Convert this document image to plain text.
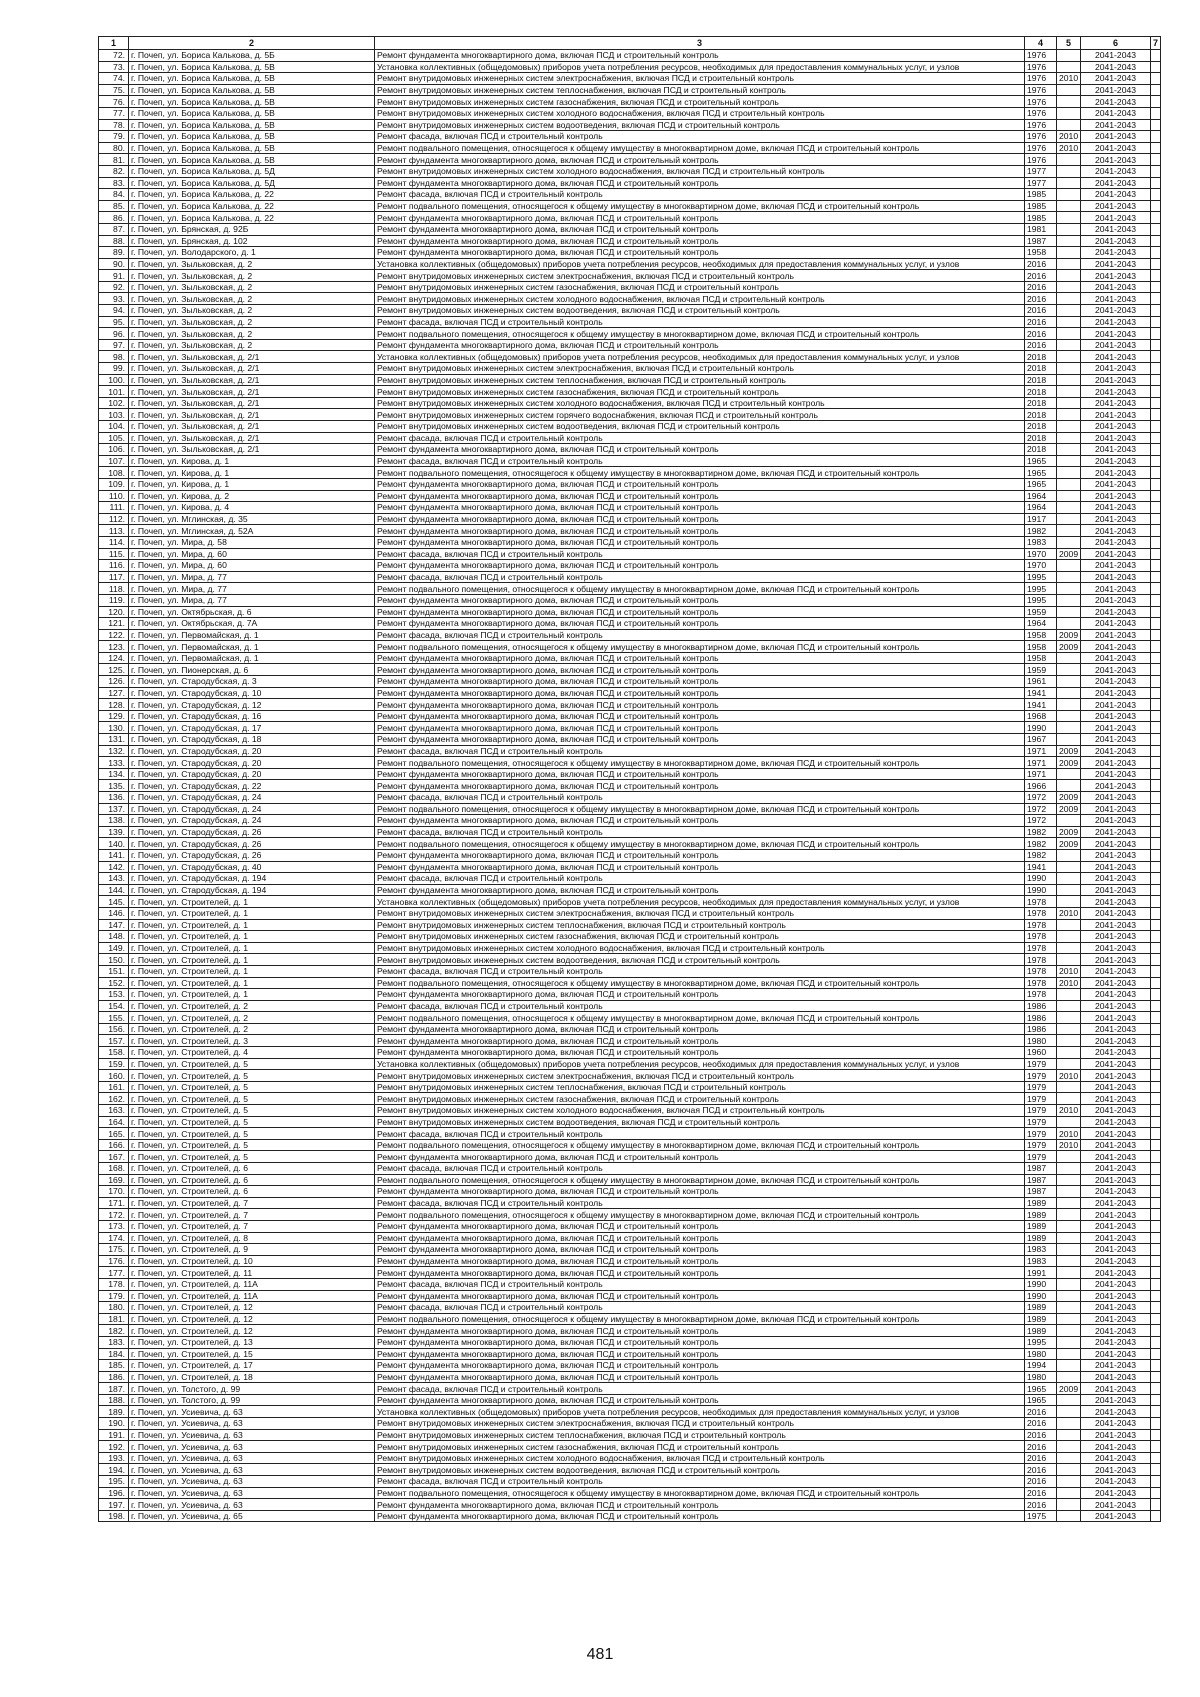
1	2	3	4	5	6	7
72.	г. Почеп, ул. Бориса Калькова, д. 5Б	Ремонт фундамента многоквартирного дома, включая ПСД и строительный контроль	1976		2041-2043	
73.	г. Почеп, ул. Бориса Калькова, д. 5В	Установка коллективных (общедомовых) приборов учета потребления ресурсов, необходимых для предоставления коммунальных услуг, и узлов	1976		2041-2043	
74.	г. Почеп, ул. Бориса Калькова, д. 5В	Ремонт внутридомовых инженерных систем электроснабжения, включая ПСД и строительный контроль	1976	2010	2041-2043	
75.	г. Почеп, ул. Бориса Калькова, д. 5В	Ремонт внутридомовых инженерных систем теплоснабжения, включая ПСД и строительный контроль	1976		2041-2043	
76.	г. Почеп, ул. Бориса Калькова, д. 5В	Ремонт внутридомовых инженерных систем газоснабжения, включая ПСД и строительный контроль	1976		2041-2043	
77.	г. Почеп, ул. Бориса Калькова, д. 5В	Ремонт внутридомовых инженерных систем холодного водоснабжения, включая ПСД и строительный контроль	1976		2041-2043	
78.	г. Почеп, ул. Бориса Калькова, д. 5В	Ремонт внутридомовых инженерных систем водоотведения, включая ПСД и строительный контроль	1976		2041-2043	
79.	г. Почеп, ул. Бориса Калькова, д. 5В	Ремонт фасада, включая ПСД и строительный контроль	1976	2010	2041-2043	
80.	г. Почеп, ул. Бориса Калькова, д. 5В	Ремонт подвального помещения, относящегося к общему имуществу в многоквартирном доме, включая ПСД и строительный контроль	1976	2010	2041-2043	
81.	г. Почеп, ул. Бориса Калькова, д. 5В	Ремонт фундамента многоквартирного дома, включая ПСД и строительный контроль	1976		2041-2043	
82.	г. Почеп, ул. Бориса Калькова, д. 5Д	Ремонт внутридомовых инженерных систем холодного водоснабжения, включая ПСД и строительный контроль	1977		2041-2043	
83.	г. Почеп, ул. Бориса Калькова, д. 5Д	Ремонт фундамента многоквартирного дома, включая ПСД и строительный контроль	1977		2041-2043	
84.	г. Почеп, ул. Бориса Калькова, д. 22	Ремонт фасада, включая ПСД и строительный контроль	1985		2041-2043	
85.	г. Почеп, ул. Бориса Калькова, д. 22	Ремонт подвального помещения, относящегося к общему имуществу в многоквартирном доме, включая ПСД и строительный контроль	1985		2041-2043	
86.	г. Почеп, ул. Бориса Калькова, д. 22	Ремонт фундамента многоквартирного дома, включая ПСД и строительный контроль	1985		2041-2043	
87.	г. Почеп, ул. Брянская, д. 92Б	Ремонт фундамента многоквартирного дома, включая ПСД и строительный контроль	1981		2041-2043	
88.	г. Почеп, ул. Брянская, д. 102	Ремонт фундамента многоквартирного дома, включая ПСД и строительный контроль	1987		2041-2043	
89.	г. Почеп, ул. Володарского, д. 1	Ремонт фундамента многоквартирного дома, включая ПСД и строительный контроль	1958		2041-2043	
90.	г. Почеп, ул. Зыльковская, д. 2	Установка коллективных (общедомовых) приборов учета потребления ресурсов, необходимых для предоставления коммунальных услуг, и узлов	2016		2041-2043	
91.	г. Почеп, ул. Зыльковская, д. 2	Ремонт внутридомовых инженерных систем электроснабжения, включая ПСД и строительный контроль	2016		2041-2043	
92.	г. Почеп, ул. Зыльковская, д. 2	Ремонт внутридомовых инженерных систем газоснабжения, включая ПСД и строительный контроль	2016		2041-2043	
93.	г. Почеп, ул. Зыльковская, д. 2	Ремонт внутридомовых инженерных систем холодного водоснабжения, включая ПСД и строительный контроль	2016		2041-2043	
94.	г. Почеп, ул. Зыльковская, д. 2	Ремонт внутридомовых инженерных систем водоотведения, включая ПСД и строительный контроль	2016		2041-2043	
95.	г. Почеп, ул. Зыльковская, д. 2	Ремонт фасада, включая ПСД и строительный контроль	2016		2041-2043	
96.	г. Почеп, ул. Зыльковская, д. 2	Ремонт подвального помещения, относящегося к общему имуществу в многоквартирном доме, включая ПСД и строительный контроль	2016		2041-2043	
97.	г. Почеп, ул. Зыльковская, д. 2	Ремонт фундамента многоквартирного дома, включая ПСД и строительный контроль	2016		2041-2043	
98.	г. Почеп, ул. Зыльковская, д. 2/1	Установка коллективных (общедомовых) приборов учета потребления ресурсов, необходимых для предоставления коммунальных услуг, и узлов	2018		2041-2043	
99.	г. Почеп, ул. Зыльковская, д. 2/1	Ремонт внутридомовых инженерных систем электроснабжения, включая ПСД и строительный контроль	2018		2041-2043	
100.	г. Почеп, ул. Зыльковская, д. 2/1	Ремонт внутридомовых инженерных систем теплоснабжения, включая ПСД и строительный контроль	2018		2041-2043	
101.	г. Почеп, ул. Зыльковская, д. 2/1	Ремонт внутридомовых инженерных систем газоснабжения, включая ПСД и строительный контроль	2018		2041-2043	
102.	г. Почеп, ул. Зыльковская, д. 2/1	Ремонт внутридомовых инженерных систем холодного водоснабжения, включая ПСД и строительный контроль	2018		2041-2043	
103.	г. Почеп, ул. Зыльковская, д. 2/1	Ремонт внутридомовых инженерных систем горячего водоснабжения, включая ПСД и строительный контроль	2018		2041-2043	
104.	г. Почеп, ул. Зыльковская, д. 2/1	Ремонт внутридомовых инженерных систем водоотведения, включая ПСД и строительный контроль	2018		2041-2043	
105.	г. Почеп, ул. Зыльковская, д. 2/1	Ремонт фасада, включая ПСД и строительный контроль	2018		2041-2043	
106.	г. Почеп, ул. Зыльковская, д. 2/1	Ремонт фундамента многоквартирного дома, включая ПСД и строительный контроль	2018		2041-2043	
107.	г. Почеп, ул. Кирова, д. 1	Ремонт фасада, включая ПСД и строительный контроль	1965		2041-2043	
108.	г. Почеп, ул. Кирова, д. 1	Ремонт подвального помещения, относящегося к общему имуществу в многоквартирном доме, включая ПСД и строительный контроль	1965		2041-2043	
109.	г. Почеп, ул. Кирова, д. 1	Ремонт фундамента многоквартирного дома, включая ПСД и строительный контроль	1965		2041-2043	
110.	г. Почеп, ул. Кирова, д. 2	Ремонт фундамента многоквартирного дома, включая ПСД и строительный контроль	1964		2041-2043	
111.	г. Почеп, ул. Кирова, д. 4	Ремонт фундамента многоквартирного дома, включая ПСД и строительный контроль	1964		2041-2043	
112.	г. Почеп, ул. Мглинская, д. 35	Ремонт фундамента многоквартирного дома, включая ПСД и строительный контроль	1917		2041-2043	
113.	г. Почеп, ул. Мглинская, д. 52А	Ремонт фундамента многоквартирного дома, включая ПСД и строительный контроль	1982		2041-2043	
114.	г. Почеп, ул. Мира, д. 58	Ремонт фундамента многоквартирного дома, включая ПСД и строительный контроль	1983		2041-2043	
115.	г. Почеп, ул. Мира, д. 60	Ремонт фасада, включая ПСД и строительный контроль	1970	2009	2041-2043	
116.	г. Почеп, ул. Мира, д. 60	Ремонт фундамента многоквартирного дома, включая ПСД и строительный контроль	1970		2041-2043	
117.	г. Почеп, ул. Мира, д. 77	Ремонт фасада, включая ПСД и строительный контроль	1995		2041-2043	
118.	г. Почеп, ул. Мира, д. 77	Ремонт подвального помещения, относящегося к общему имуществу в многоквартирном доме, включая ПСД и строительный контроль	1995		2041-2043	
119.	г. Почеп, ул. Мира, д. 77	Ремонт фундамента многоквартирного дома, включая ПСД и строительный контроль	1995		2041-2043	
120.	г. Почеп, ул. Октябрьская, д. 6	Ремонт фундамента многоквартирного дома, включая ПСД и строительный контроль	1959		2041-2043	
121.	г. Почеп, ул. Октябрьская, д. 7А	Ремонт фундамента многоквартирного дома, включая ПСД и строительный контроль	1964		2041-2043	
122.	г. Почеп, ул. Первомайская, д. 1	Ремонт фасада, включая ПСД и строительный контроль	1958	2009	2041-2043	
123.	г. Почеп, ул. Первомайская, д. 1	Ремонт подвального помещения, относящегося к общему имуществу в многоквартирном доме, включая ПСД и строительный контроль	1958	2009	2041-2043	
124.	г. Почеп, ул. Первомайская, д. 1	Ремонт фундамента многоквартирного дома, включая ПСД и строительный контроль	1958		2041-2043	
125.	г. Почеп, ул. Пионерская, д. 6	Ремонт фундамента многоквартирного дома, включая ПСД и строительный контроль	1959		2041-2043	
126.	г. Почеп, ул. Стародубская, д. 3	Ремонт фундамента многоквартирного дома, включая ПСД и строительный контроль	1961		2041-2043	
127.	г. Почеп, ул. Стародубская, д. 10	Ремонт фундамента многоквартирного дома, включая ПСД и строительный контроль	1941		2041-2043	
128.	г. Почеп, ул. Стародубская, д. 12	Ремонт фундамента многоквартирного дома, включая ПСД и строительный контроль	1941		2041-2043	
129.	г. Почеп, ул. Стародубская, д. 16	Ремонт фундамента многоквартирного дома, включая ПСД и строительный контроль	1968		2041-2043	
130.	г. Почеп, ул. Стародубская, д. 17	Ремонт фундамента многоквартирного дома, включая ПСД и строительный контроль	1990		2041-2043	
131.	г. Почеп, ул. Стародубская, д. 18	Ремонт фундамента многоквартирного дома, включая ПСД и строительный контроль	1967		2041-2043	
132.	г. Почеп, ул. Стародубская, д. 20	Ремонт фасада, включая ПСД и строительный контроль	1971	2009	2041-2043	
133.	г. Почеп, ул. Стародубская, д. 20	Ремонт подвального помещения, относящегося к общему имуществу в многоквартирном доме, включая ПСД и строительный контроль	1971	2009	2041-2043	
134.	г. Почеп, ул. Стародубская, д. 20	Ремонт фундамента многоквартирного дома, включая ПСД и строительный контроль	1971		2041-2043	
135.	г. Почеп, ул. Стародубская, д. 22	Ремонт фундамента многоквартирного дома, включая ПСД и строительный контроль	1966		2041-2043	
136.	г. Почеп, ул. Стародубская, д. 24	Ремонт фасада, включая ПСД и строительный контроль	1972	2009	2041-2043	
137.	г. Почеп, ул. Стародубская, д. 24	Ремонт подвального помещения, относящегося к общему имуществу в многоквартирном доме, включая ПСД и строительный контроль	1972	2009	2041-2043	
138.	г. Почеп, ул. Стародубская, д. 24	Ремонт фундамента многоквартирного дома, включая ПСД и строительный контроль	1972		2041-2043	
139.	г. Почеп, ул. Стародубская, д. 26	Ремонт фасада, включая ПСД и строительный контроль	1982	2009	2041-2043	
140.	г. Почеп, ул. Стародубская, д. 26	Ремонт подвального помещения, относящегося к общему имуществу в многоквартирном доме, включая ПСД и строительный контроль	1982	2009	2041-2043	
141.	г. Почеп, ул. Стародубская, д. 26	Ремонт фундамента многоквартирного дома, включая ПСД и строительный контроль	1982		2041-2043	
142.	г. Почеп, ул. Стародубская, д. 40	Ремонт фундамента многоквартирного дома, включая ПСД и строительный контроль	1941		2041-2043	
143.	г. Почеп, ул. Стародубская, д. 194	Ремонт фасада, включая ПСД и строительный контроль	1990		2041-2043	
144.	г. Почеп, ул. Стародубская, д. 194	Ремонт фундамента многоквартирного дома, включая ПСД и строительный контроль	1990		2041-2043	
145.	г. Почеп, ул. Строителей, д. 1	Установка коллективных (общедомовых) приборов учета потребления ресурсов, необходимых для предоставления коммунальных услуг, и узлов	1978		2041-2043	
146.	г. Почеп, ул. Строителей, д. 1	Ремонт внутридомовых инженерных систем электроснабжения, включая ПСД и строительный контроль	1978	2010	2041-2043	
147.	г. Почеп, ул. Строителей, д. 1	Ремонт внутридомовых инженерных систем теплоснабжения, включая ПСД и строительный контроль	1978		2041-2043	
148.	г. Почеп, ул. Строителей, д. 1	Ремонт внутридомовых инженерных систем газоснабжения, включая ПСД и строительный контроль	1978		2041-2043	
149.	г. Почеп, ул. Строителей, д. 1	Ремонт внутридомовых инженерных систем холодного водоснабжения, включая ПСД и строительный контроль	1978		2041-2043	
150.	г. Почеп, ул. Строителей, д. 1	Ремонт внутридомовых инженерных систем водоотведения, включая ПСД и строительный контроль	1978		2041-2043	
151.	г. Почеп, ул. Строителей, д. 1	Ремонт фасада, включая ПСД и строительный контроль	1978	2010	2041-2043	
152.	г. Почеп, ул. Строителей, д. 1	Ремонт подвального помещения, относящегося к общему имуществу в многоквартирном доме, включая ПСД и строительный контроль	1978	2010	2041-2043	
153.	г. Почеп, ул. Строителей, д. 1	Ремонт фундамента многоквартирного дома, включая ПСД и строительный контроль	1978		2041-2043	
154.	г. Почеп, ул. Строителей, д. 2	Ремонт фасада, включая ПСД и строительный контроль	1986		2041-2043	
155.	г. Почеп, ул. Строителей, д. 2	Ремонт подвального помещения, относящегося к общему имуществу в многоквартирном доме, включая ПСД и строительный контроль	1986		2041-2043	
156.	г. Почеп, ул. Строителей, д. 2	Ремонт фундамента многоквартирного дома, включая ПСД и строительный контроль	1986		2041-2043	
157.	г. Почеп, ул. Строителей, д. 3	Ремонт фундамента многоквартирного дома, включая ПСД и строительный контроль	1980		2041-2043	
158.	г. Почеп, ул. Строителей, д. 4	Ремонт фундамента многоквартирного дома, включая ПСД и строительный контроль	1960		2041-2043	
159.	г. Почеп, ул. Строителей, д. 5	Установка коллективных (общедомовых) приборов учета потребления ресурсов, необходимых для предоставления коммунальных услуг, и узлов	1979		2041-2043	
160.	г. Почеп, ул. Строителей, д. 5	Ремонт внутридомовых инженерных систем электроснабжения, включая ПСД и строительный контроль	1979	2010	2041-2043	
161.	г. Почеп, ул. Строителей, д. 5	Ремонт внутридомовых инженерных систем теплоснабжения, включая ПСД и строительный контроль	1979		2041-2043	
162.	г. Почеп, ул. Строителей, д. 5	Ремонт внутридомовых инженерных систем газоснабжения, включая ПСД и строительный контроль	1979		2041-2043	
163.	г. Почеп, ул. Строителей, д. 5	Ремонт внутридомовых инженерных систем холодного водоснабжения, включая ПСД и строительный контроль	1979	2010	2041-2043	
164.	г. Почеп, ул. Строителей, д. 5	Ремонт внутридомовых инженерных систем водоотведения, включая ПСД и строительный контроль	1979		2041-2043	
165.	г. Почеп, ул. Строителей, д. 5	Ремонт фасада, включая ПСД и строительный контроль	1979	2010	2041-2043	
166.	г. Почеп, ул. Строителей, д. 5	Ремонт подвального помещения, относящегося к общему имуществу в многоквартирном доме, включая ПСД и строительный контроль	1979	2010	2041-2043	
167.	г. Почеп, ул. Строителей, д. 5	Ремонт фундамента многоквартирного дома, включая ПСД и строительный контроль	1979		2041-2043	
168.	г. Почеп, ул. Строителей, д. 6	Ремонт фасада, включая ПСД и строительный контроль	1987		2041-2043	
169.	г. Почеп, ул. Строителей, д. 6	Ремонт подвального помещения, относящегося к общему имуществу в многоквартирном доме, включая ПСД и строительный контроль	1987		2041-2043	
170.	г. Почеп, ул. Строителей, д. 6	Ремонт фундамента многоквартирного дома, включая ПСД и строительный контроль	1987		2041-2043	
171.	г. Почеп, ул. Строителей, д. 7	Ремонт фасада, включая ПСД и строительный контроль	1989		2041-2043	
172.	г. Почеп, ул. Строителей, д. 7	Ремонт подвального помещения, относящегося к общему имуществу в многоквартирном доме, включая ПСД и строительный контроль	1989		2041-2043	
173.	г. Почеп, ул. Строителей, д. 7	Ремонт фундамента многоквартирного дома, включая ПСД и строительный контроль	1989		2041-2043	
174.	г. Почеп, ул. Строителей, д. 8	Ремонт фундамента многоквартирного дома, включая ПСД и строительный контроль	1989		2041-2043	
175.	г. Почеп, ул. Строителей, д. 9	Ремонт фундамента многоквартирного дома, включая ПСД и строительный контроль	1983		2041-2043	
176.	г. Почеп, ул. Строителей, д. 10	Ремонт фундамента многоквартирного дома, включая ПСД и строительный контроль	1983		2041-2043	
177.	г. Почеп, ул. Строителей, д. 11	Ремонт фундамента многоквартирного дома, включая ПСД и строительный контроль	1991		2041-2043	
178.	г. Почеп, ул. Строителей, д. 11А	Ремонт фасада, включая ПСД и строительный контроль	1990		2041-2043	
179.	г. Почеп, ул. Строителей, д. 11А	Ремонт фундамента многоквартирного дома, включая ПСД и строительный контроль	1990		2041-2043	
180.	г. Почеп, ул. Строителей, д. 12	Ремонт фасада, включая ПСД и строительный контроль	1989		2041-2043	
181.	г. Почеп, ул. Строителей, д. 12	Ремонт подвального помещения, относящегося к общему имуществу в многоквартирном доме, включая ПСД и строительный контроль	1989		2041-2043	
182.	г. Почеп, ул. Строителей, д. 12	Ремонт фундамента многоквартирного дома, включая ПСД и строительный контроль	1989		2041-2043	
183.	г. Почеп, ул. Строителей, д. 13	Ремонт фундамента многоквартирного дома, включая ПСД и строительный контроль	1995		2041-2043	
184.	г. Почеп, ул. Строителей, д. 15	Ремонт фундамента многоквартирного дома, включая ПСД и строительный контроль	1980		2041-2043	
185.	г. Почеп, ул. Строителей, д. 17	Ремонт фундамента многоквартирного дома, включая ПСД и строительный контроль	1994		2041-2043	
186.	г. Почеп, ул. Строителей, д. 18	Ремонт фундамента многоквартирного дома, включая ПСД и строительный контроль	1980		2041-2043	
187.	г. Почеп, ул. Толстого, д. 99	Ремонт фасада, включая ПСД и строительный контроль	1965	2009	2041-2043	
188.	г. Почеп, ул. Толстого, д. 99	Ремонт фундамента многоквартирного дома, включая ПСД и строительный контроль	1965		2041-2043	
189.	г. Почеп, ул. Усиевича, д. 63	Установка коллективных (общедомовых) приборов учета потребления ресурсов, необходимых для предоставления коммунальных услуг, и узлов	2016		2041-2043	
190.	г. Почеп, ул. Усиевича, д. 63	Ремонт внутридомовых инженерных систем электроснабжения, включая ПСД и строительный контроль	2016		2041-2043	
191.	г. Почеп, ул. Усиевича, д. 63	Ремонт внутридомовых инженерных систем теплоснабжения, включая ПСД и строительный контроль	2016		2041-2043	
192.	г. Почеп, ул. Усиевича, д. 63	Ремонт внутридомовых инженерных систем газоснабжения, включая ПСД и строительный контроль	2016		2041-2043	
193.	г. Почеп, ул. Усиевича, д. 63	Ремонт внутридомовых инженерных систем холодного водоснабжения, включая ПСД и строительный контроль	2016		2041-2043	
194.	г. Почеп, ул. Усиевича, д. 63	Ремонт внутридомовых инженерных систем водоотведения, включая ПСД и строительный контроль	2016		2041-2043	
195.	г. Почеп, ул. Усиевича, д. 63	Ремонт фасада, включая ПСД и строительный контроль	2016		2041-2043	
196.	г. Почеп, ул. Усиевича, д. 63	Ремонт подвального помещения, относящегося к общему имуществу в многоквартирном доме, включая ПСД и строительный контроль	2016		2041-2043	
197.	г. Почеп, ул. Усиевича, д. 63	Ремонт фундамента многоквартирного дома, включая ПСД и строительный контроль	2016		2041-2043	
198.	г. Почеп, ул. Усиевича, д. 65	Ремонт фундамента многоквартирного дома, включая ПСД и строительный контроль	1975		2041-2043	
481
